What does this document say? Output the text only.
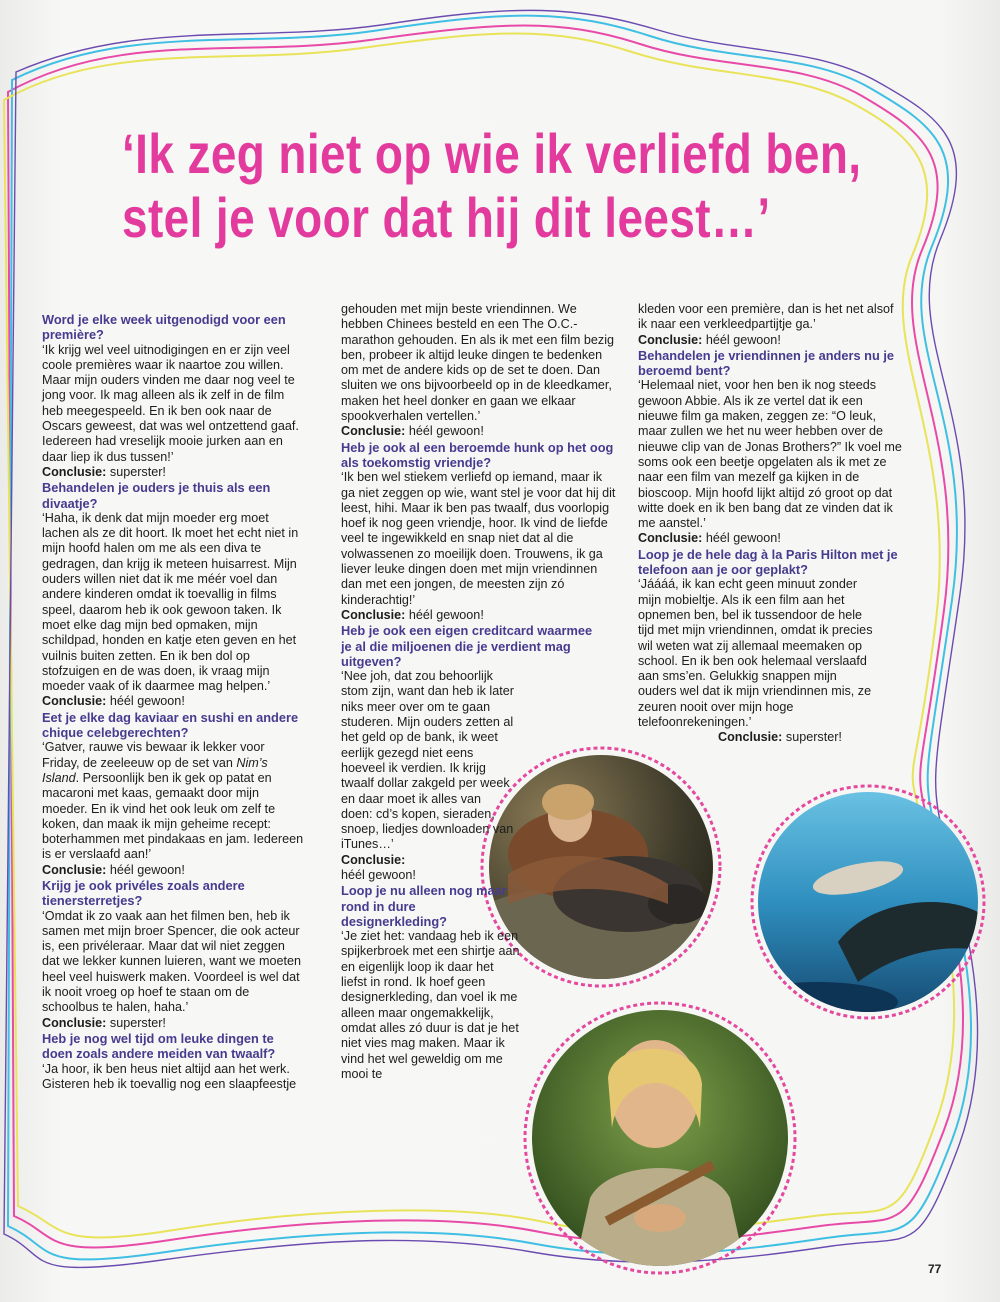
‘Ik zeg niet op wie ik verliefd ben,
stel je voor dat hij dit leest…’

Word je elke week uitgenodigd voor een première?

‘Ik krijg wel veel uitnodigingen en er zijn veel coole premières waar ik naartoe zou willen. Maar mijn ouders vinden me daar nog veel te jong voor. Ik mag alleen als ik zelf in de film heb meegespeeld. En ik ben ook naar de Oscars geweest, dat was wel ontzettend gaaf. Iedereen had vreselijk mooie jurken aan en daar liep ik dus tussen!’

Conclusie: superster!

Behandelen je ouders je thuis als een divaatje?

‘Haha, ik denk dat mijn moeder erg moet lachen als ze dit hoort. Ik moet het echt niet in mijn hoofd halen om me als een diva te gedragen, dan krijg ik meteen huisarrest. Mijn ouders willen niet dat ik me méér voel dan andere kinderen omdat ik toevallig in films speel, daarom heb ik ook gewoon taken. Ik moet elke dag mijn bed opmaken, mijn schildpad, honden en katje eten geven en het vuilnis buiten zetten. En ik ben dol op stofzuigen en de was doen, ik vraag mijn moeder vaak of ik daarmee mag helpen.’

Conclusie: héél gewoon!

Eet je elke dag kaviaar en sushi en andere chique celebgerechten?

‘Gatver, rauwe vis bewaar ik lekker voor Friday, de zeeleeuw op de set van Nim’s Island. Persoonlijk ben ik gek op patat en macaroni met kaas, gemaakt door mijn moeder. En ik vind het ook leuk om zelf te koken, dan maak ik mijn geheime recept: boterhammen met pindakaas en jam. Iedereen is er verslaafd aan!’

Conclusie: héél gewoon!

Krijg je ook privéles zoals andere tienersterretjes?

‘Omdat ik zo vaak aan het filmen ben, heb ik samen met mijn broer Spencer, die ook acteur is, een privéleraar. Maar dat wil niet zeggen dat we lekker kunnen luieren, want we moeten heel veel huiswerk maken. Voordeel is wel dat ik nooit vroeg op hoef te staan om de schoolbus te halen, haha.’

Conclusie: superster!

Heb je nog wel tijd om leuke dingen te doen zoals andere meiden van twaalf?

‘Ja hoor, ik ben heus niet altijd aan het werk. Gisteren heb ik toevallig nog een slaapfeestje

gehouden met mijn beste vriendinnen. We hebben Chinees besteld en een The O.C.-marathon gehouden. En als ik met een film bezig ben, probeer ik altijd leuke dingen te bedenken om met de andere kids op de set te doen. Dan sluiten we ons bijvoorbeeld op in de kleedkamer, maken het heel donker en gaan we elkaar spookverhalen vertellen.’

Conclusie: héél gewoon!

Heb je ook al een beroemde hunk op het oog als toekomstig vriendje?

‘Ik ben wel stiekem verliefd op iemand, maar ik ga niet zeggen op wie, want stel je voor dat hij dit leest, hihi. Maar ik ben pas twaalf, dus voorlopig hoef ik nog geen vriendje, hoor. Ik vind de liefde veel te ingewikkeld en snap niet dat al die volwassenen zo moeilijk doen. Trouwens, ik ga liever leuke dingen doen met mijn vriendinnen dan met een jongen, de meesten zijn zó kinderachtig!’

Conclusie: héél gewoon!

Heb je ook een eigen creditcard waarmee je al die miljoenen die je verdient mag uitgeven?

‘Nee joh, dat zou behoorlijk stom zijn, want dan heb ik later niks meer over om te gaan studeren. Mijn ouders zetten al het geld op de bank, ik weet eerlijk gezegd niet eens hoeveel ik verdien. Ik krijg twaalf dollar zakgeld per week en daar moet ik alles van doen: cd’s kopen, sieraden, snoep, liedjes downloaden van iTunes…’

Conclusie:
héél gewoon!

Loop je nu alleen nog maar rond in dure designerkleding?

‘Je ziet het: vandaag heb ik een spijkerbroek met een shirtje aan en eigenlijk loop ik daar het liefst in rond. Ik hoef geen designerkleding, dan voel ik me alleen maar ongemakkelijk, omdat alles zó duur is dat je het niet vies mag maken. Maar ik vind het wel geweldig om me mooi te

kleden voor een première, dan is het net alsof ik naar een verkleedpartijtje ga.’

Conclusie: héél gewoon!

Behandelen je vriendinnen je anders nu je beroemd bent?

‘Helemaal niet, voor hen ben ik nog steeds gewoon Abbie. Als ik ze vertel dat ik een nieuwe film ga maken, zeggen ze: “O leuk, maar zullen we het nu weer hebben over de nieuwe clip van de Jonas Brothers?” Ik voel me soms ook een beetje opgelaten als ik met ze naar een film van mezelf ga kijken in de bioscoop. Mijn hoofd lijkt altijd zó groot op dat witte doek en ik ben bang dat ze vinden dat ik me aanstel.’

Conclusie: héél gewoon!

Loop je de hele dag à la Paris Hilton met je telefoon aan je oor geplakt?

‘Jáááá, ik kan echt geen minuut zonder mijn mobieltje. Als ik een film aan het opnemen ben, bel ik tussendoor de hele tijd met mijn vriendinnen, omdat ik precies wil weten wat zij allemaal meemaken op school. En ik ben ook helemaal verslaafd aan sms’en. Gelukkig snappen mijn ouders wel dat ik mijn vriendinnen mis, ze zeuren nooit over mijn hoge telefoonrekeningen.’

Conclusie: superster!

77
